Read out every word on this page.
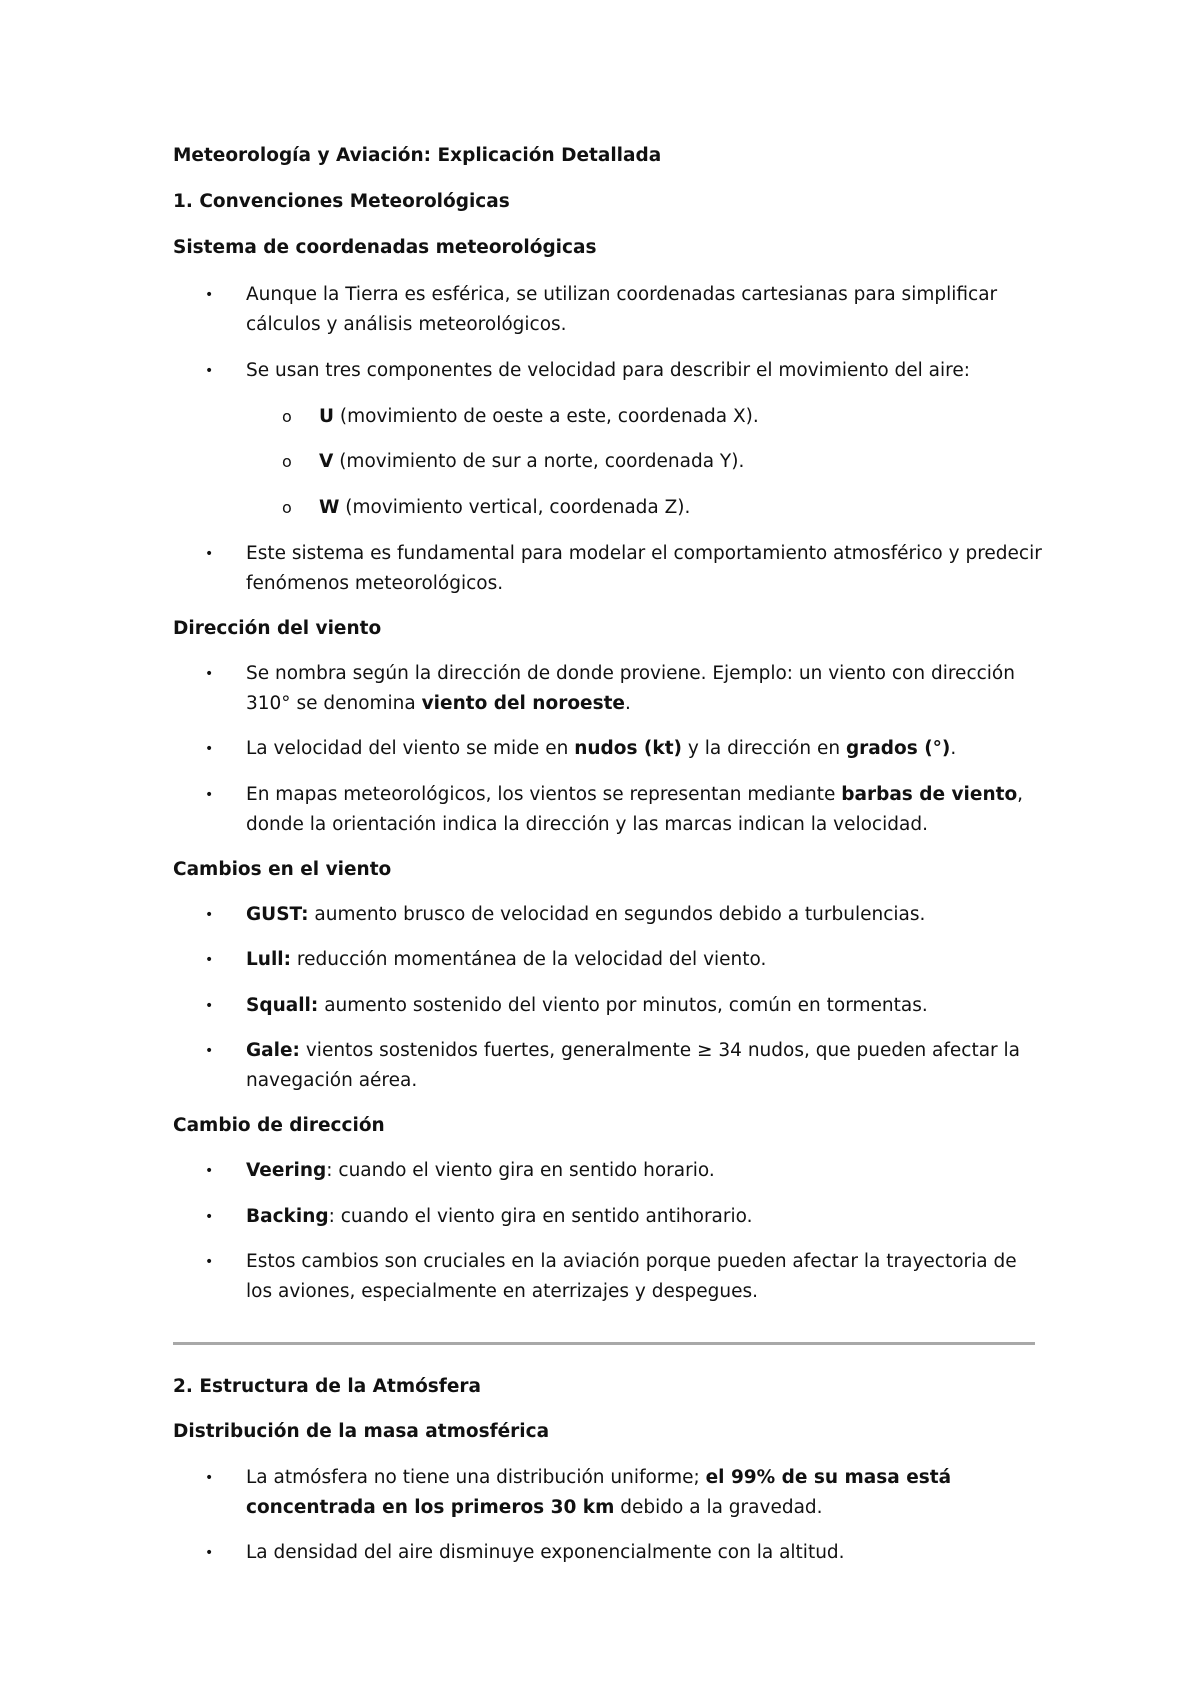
Meteorología y Aviación: Explicación Detallada
1. Convenciones Meteorológicas
Sistema de coordenadas meteorológicas
• Aunque la Tierra es esférica, se utilizan coordenadas cartesianas para simplificar cálculos y análisis meteorológicos.
• Se usan tres componentes de velocidad para describir el movimiento del aire:
o U (movimiento de oeste a este, coordenada X).
o V (movimiento de sur a norte, coordenada Y).
o W (movimiento vertical, coordenada Z).
• Este sistema es fundamental para modelar el comportamiento atmosférico y predecir fenómenos meteorológicos.
Dirección del viento
• Se nombra según la dirección de donde proviene. Ejemplo: un viento con dirección 310° se denomina viento del noroeste.
• La velocidad del viento se mide en nudos (kt) y la dirección en grados (°).
• En mapas meteorológicos, los vientos se representan mediante barbas de viento, donde la orientación indica la dirección y las marcas indican la velocidad.
Cambios en el viento
• GUST: aumento brusco de velocidad en segundos debido a turbulencias.
• Lull: reducción momentánea de la velocidad del viento.
• Squall: aumento sostenido del viento por minutos, común en tormentas.
• Gale: vientos sostenidos fuertes, generalmente ≥ 34 nudos, que pueden afectar la navegación aérea.
Cambio de dirección
• Veering: cuando el viento gira en sentido horario.
• Backing: cuando el viento gira en sentido antihorario.
• Estos cambios son cruciales en la aviación porque pueden afectar la trayectoria de los aviones, especialmente en aterrizajes y despegues.
2. Estructura de la Atmósfera
Distribución de la masa atmosférica
• La atmósfera no tiene una distribución uniforme; el 99% de su masa está concentrada en los primeros 30 km debido a la gravedad.
• La densidad del aire disminuye exponencialmente con la altitud.
